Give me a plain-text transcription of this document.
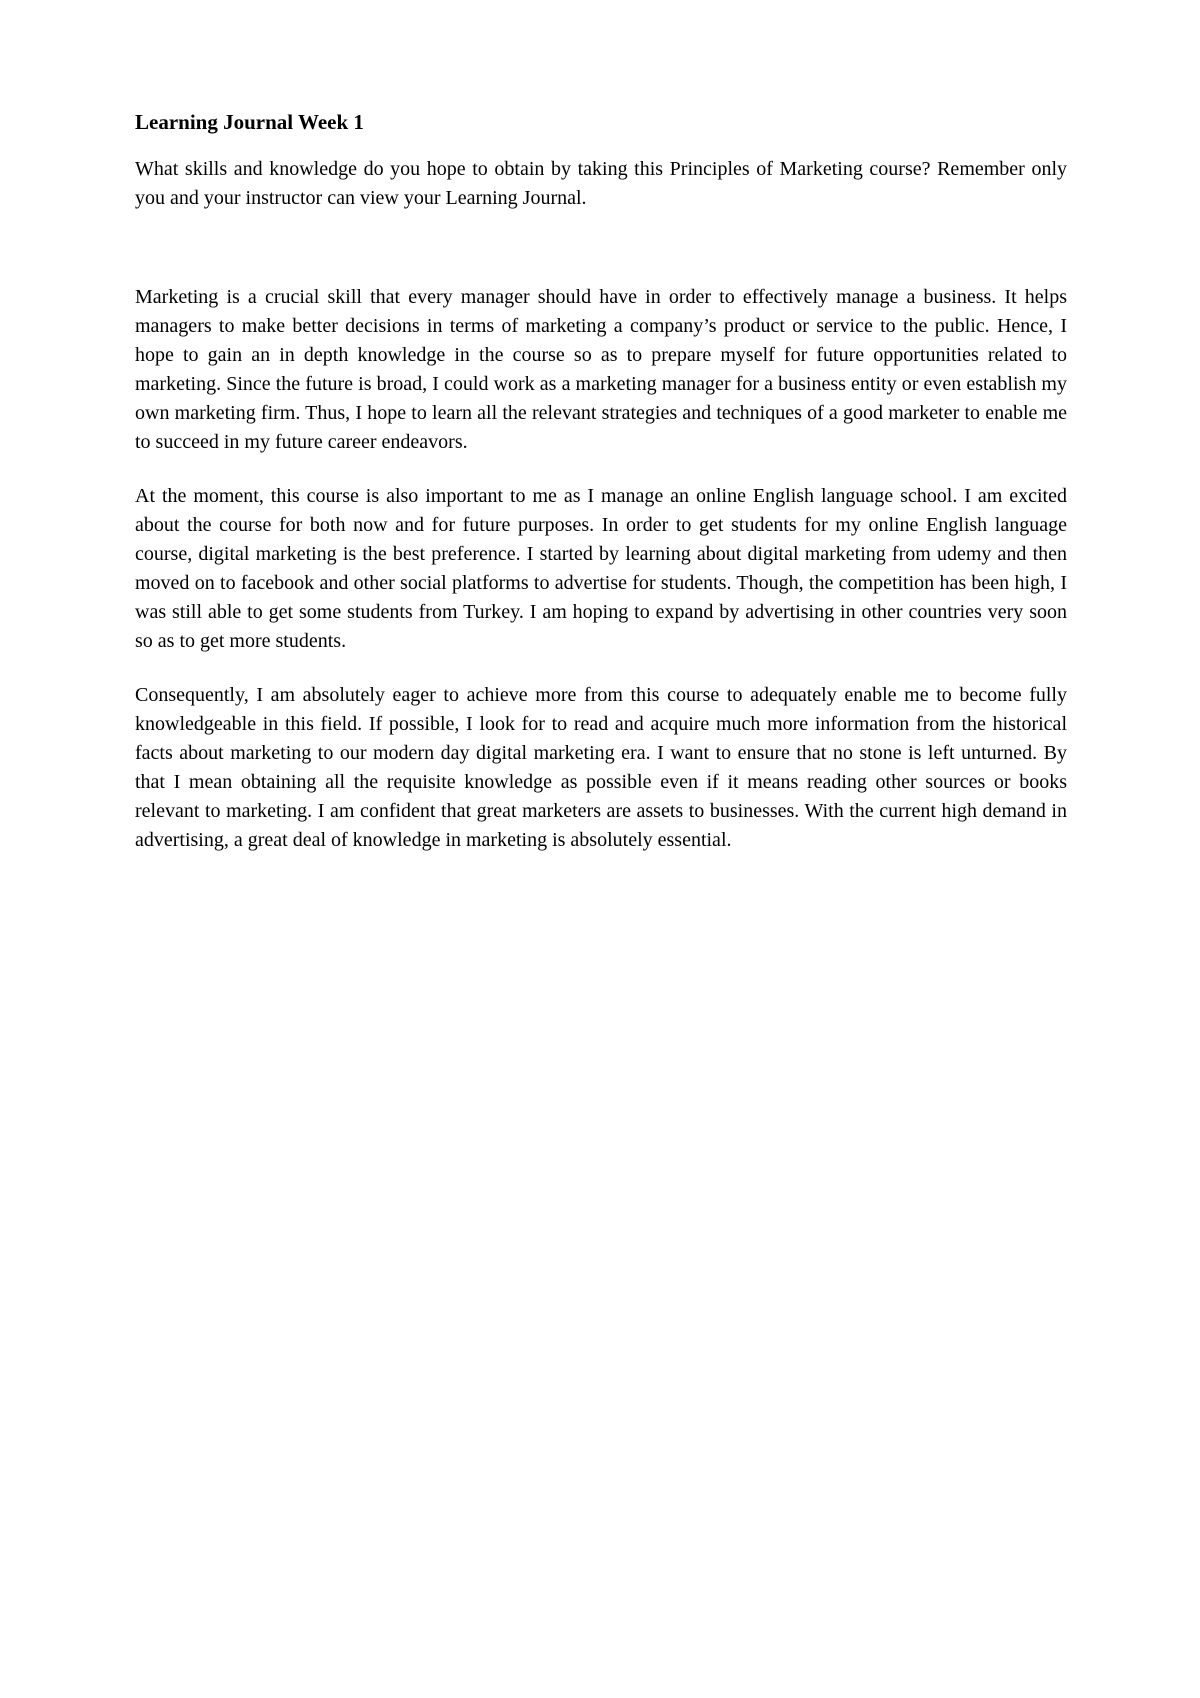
Learning Journal Week 1

What skills and knowledge do you hope to obtain by taking this Principles of Marketing course? Remember only you and your instructor can view your Learning Journal.

Marketing is a crucial skill that every manager should have in order to effectively manage a business. It helps managers to make better decisions in terms of marketing a company’s product or service to the public. Hence, I hope to gain an in depth knowledge in the course so as to prepare myself for future opportunities related to marketing. Since the future is broad, I could work as a marketing manager for a business entity or even establish my own marketing firm. Thus, I hope to learn all the relevant strategies and techniques of a good marketer to enable me to succeed in my future career endeavors.

At the moment, this course is also important to me as I manage an online English language school. I am excited about the course for both now and for future purposes. In order to get students for my online English language course, digital marketing is the best preference. I started by learning about digital marketing from udemy and then moved on to facebook and other social platforms to advertise for students. Though, the competition has been high, I was still able to get some students from Turkey. I am hoping to expand by advertising in other countries very soon so as to get more students.

Consequently, I am absolutely eager to achieve more from this course to adequately enable me to become fully knowledgeable in this field. If possible, I look for to read and acquire much more information from the historical facts about marketing to our modern day digital marketing era. I want to ensure that no stone is left unturned. By that I mean obtaining all the requisite knowledge as possible even if it means reading other sources or books relevant to marketing. I am confident that great marketers are assets to businesses. With the current high demand in advertising, a great deal of knowledge in marketing is absolutely essential.
